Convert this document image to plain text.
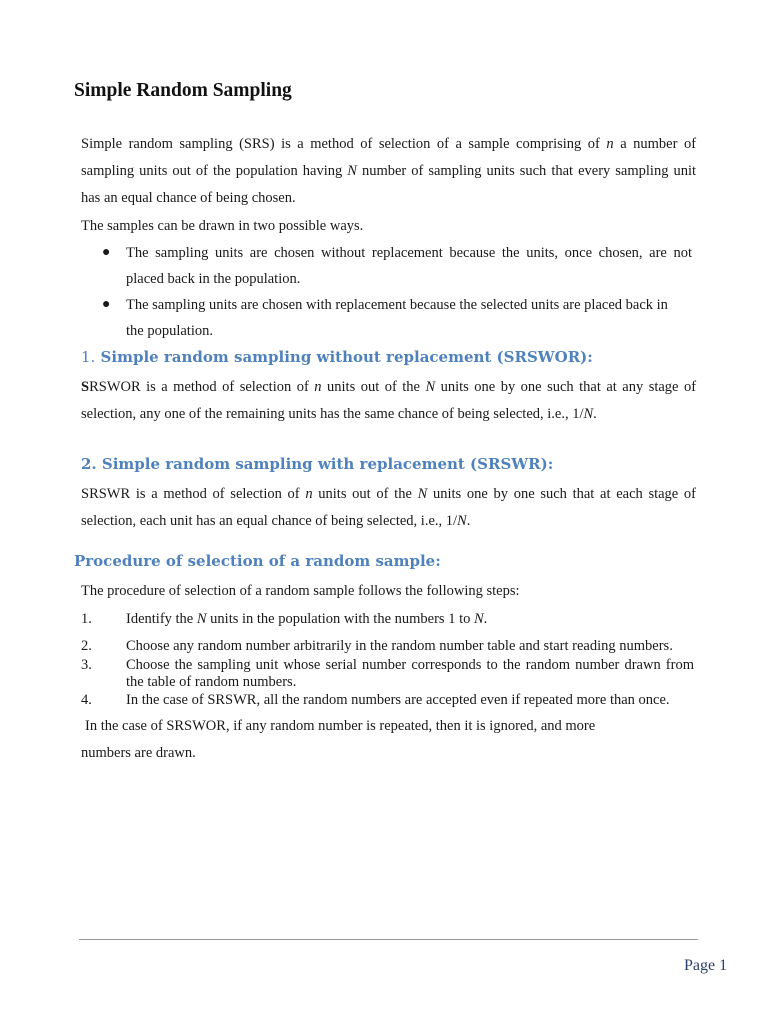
Simple Random Sampling
Simple random sampling (SRS) is a method of selection of a sample comprising of n a number of sampling units out of the population having N number of sampling units such that every sampling unit has an equal chance of being chosen.
The samples can be drawn in two possible ways.
● The sampling units are chosen without replacement because the units, once chosen, are not placed back in the population.
● The sampling units are chosen with replacement because the selected units are placed back in the population.
1. Simple random sampling without replacement (SRSWOR):
SRSWOR is a method of selection of n units out of the N units one by one such that at any stage of selection, any one of the remaining units has the same chance of being selected, i.e., 1/N.
2. Simple random sampling with replacement (SRSWR):
SRSWR is a method of selection of n units out of the N units one by one such that at each stage of selection, each unit has an equal chance of being selected, i.e., 1/N.
Procedure of selection of a random sample:
The procedure of selection of a random sample follows the following steps:
1. Identify the N units in the population with the numbers 1 to N.
2. Choose any random number arbitrarily in the random number table and start reading numbers.
3. Choose the sampling unit whose serial number corresponds to the random number drawn from the table of random numbers.
4. In the case of SRSWR, all the random numbers are accepted even if repeated more than once.
In the case of SRSWOR, if any random number is repeated, then it is ignored, and more
numbers are drawn.
Page 1
